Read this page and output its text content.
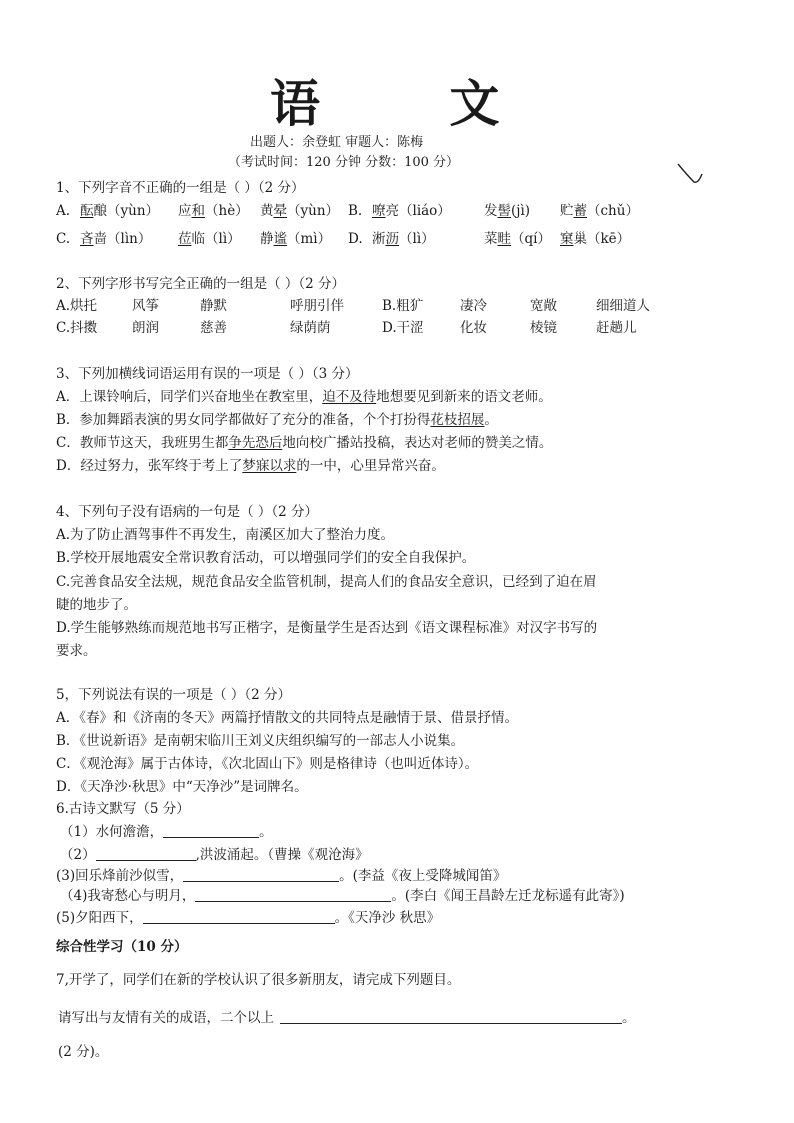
语 文
出题人：余登虹 审题人：陈梅
（考试时间：120 分钟 分数：100 分）
1、下列字音不正确的一组是（ ）（2 分）
A. 酝酿（yùn） 应和（hè） 黄晕（yùn） B. 嘹亮（liáo） 发髻(jì) 贮蓄（chǔ）
C. 吝啬（lìn） 莅临（lì） 静谧（mì） D. 淅沥（lì）	菜畦（qí） 窠巢（kē）
2、下列字形书写完全正确的一组是（ ）（2 分）
A.烘托	风筝	静默	呼朋引伴	B.粗犷	凄冷	宽敞	细细道人
C.抖擞	朗润	慈善	绿荫荫	D.干涩	化妆	棱镜	赶趟儿
3、下列加横线词语运用有误的一项是（ ）（3 分）
A．上课铃响后，同学们兴奋地坐在教室里，迫不及待地想要见到新来的语文老师。
B．参加舞蹈表演的男女同学都做好了充分的准备，个个打扮得花枝招展。
C．教师节这天，我班男生都争先恐后地向校广播站投稿，表达对老师的赞美之情。
D．经过努力，张军终于考上了梦寐以求的一中，心里异常兴奋。
4、下列句子没有语病的一句是（ ）（2 分）
A.为了防止酒驾事件不再发生，南溪区加大了整治力度。
B.学校开展地震安全常识教育活动，可以增强同学们的安全自我保护。
C.完善食品安全法规，规范食品安全监管机制，提高人们的食品安全意识，已经到了迫在眉
睫的地步了。
D.学生能够熟练而规范地书写正楷字，是衡量学生是否达到《语文课程标准》对汉字书写的
要求。
5，下列说法有误的一项是（ ）（2 分）
A．《春》和《济南的冬天》两篇抒情散文的共同特点是融情于景、借景抒情。
B．《世说新语》是南朝宋临川王刘义庆组织编写的一部志人小说集。
C．《观沧海》属于古体诗，《次北固山下》则是格律诗（也叫近体诗）。
D．《天净沙·秋思》中“天净沙”是词牌名。
6.古诗文默写（5 分）
（1）水何澹澹，	。
（2）	,洪波涌起。（曹操《观沧海》
(3)回乐烽前沙似雪，	。(李益《夜上受降城闻笛》
（4)我寄愁心与明月，	。(李白《闻王昌龄左迁龙标遥有此寄》)
(5)夕阳西下，	。《天净沙 秋思》
综合性学习（10 分）
7,开学了，同学们在新的学校认识了很多新朋友，请完成下列题目。
请写出与友情有关的成语，二个以上	。
(2 分)。
